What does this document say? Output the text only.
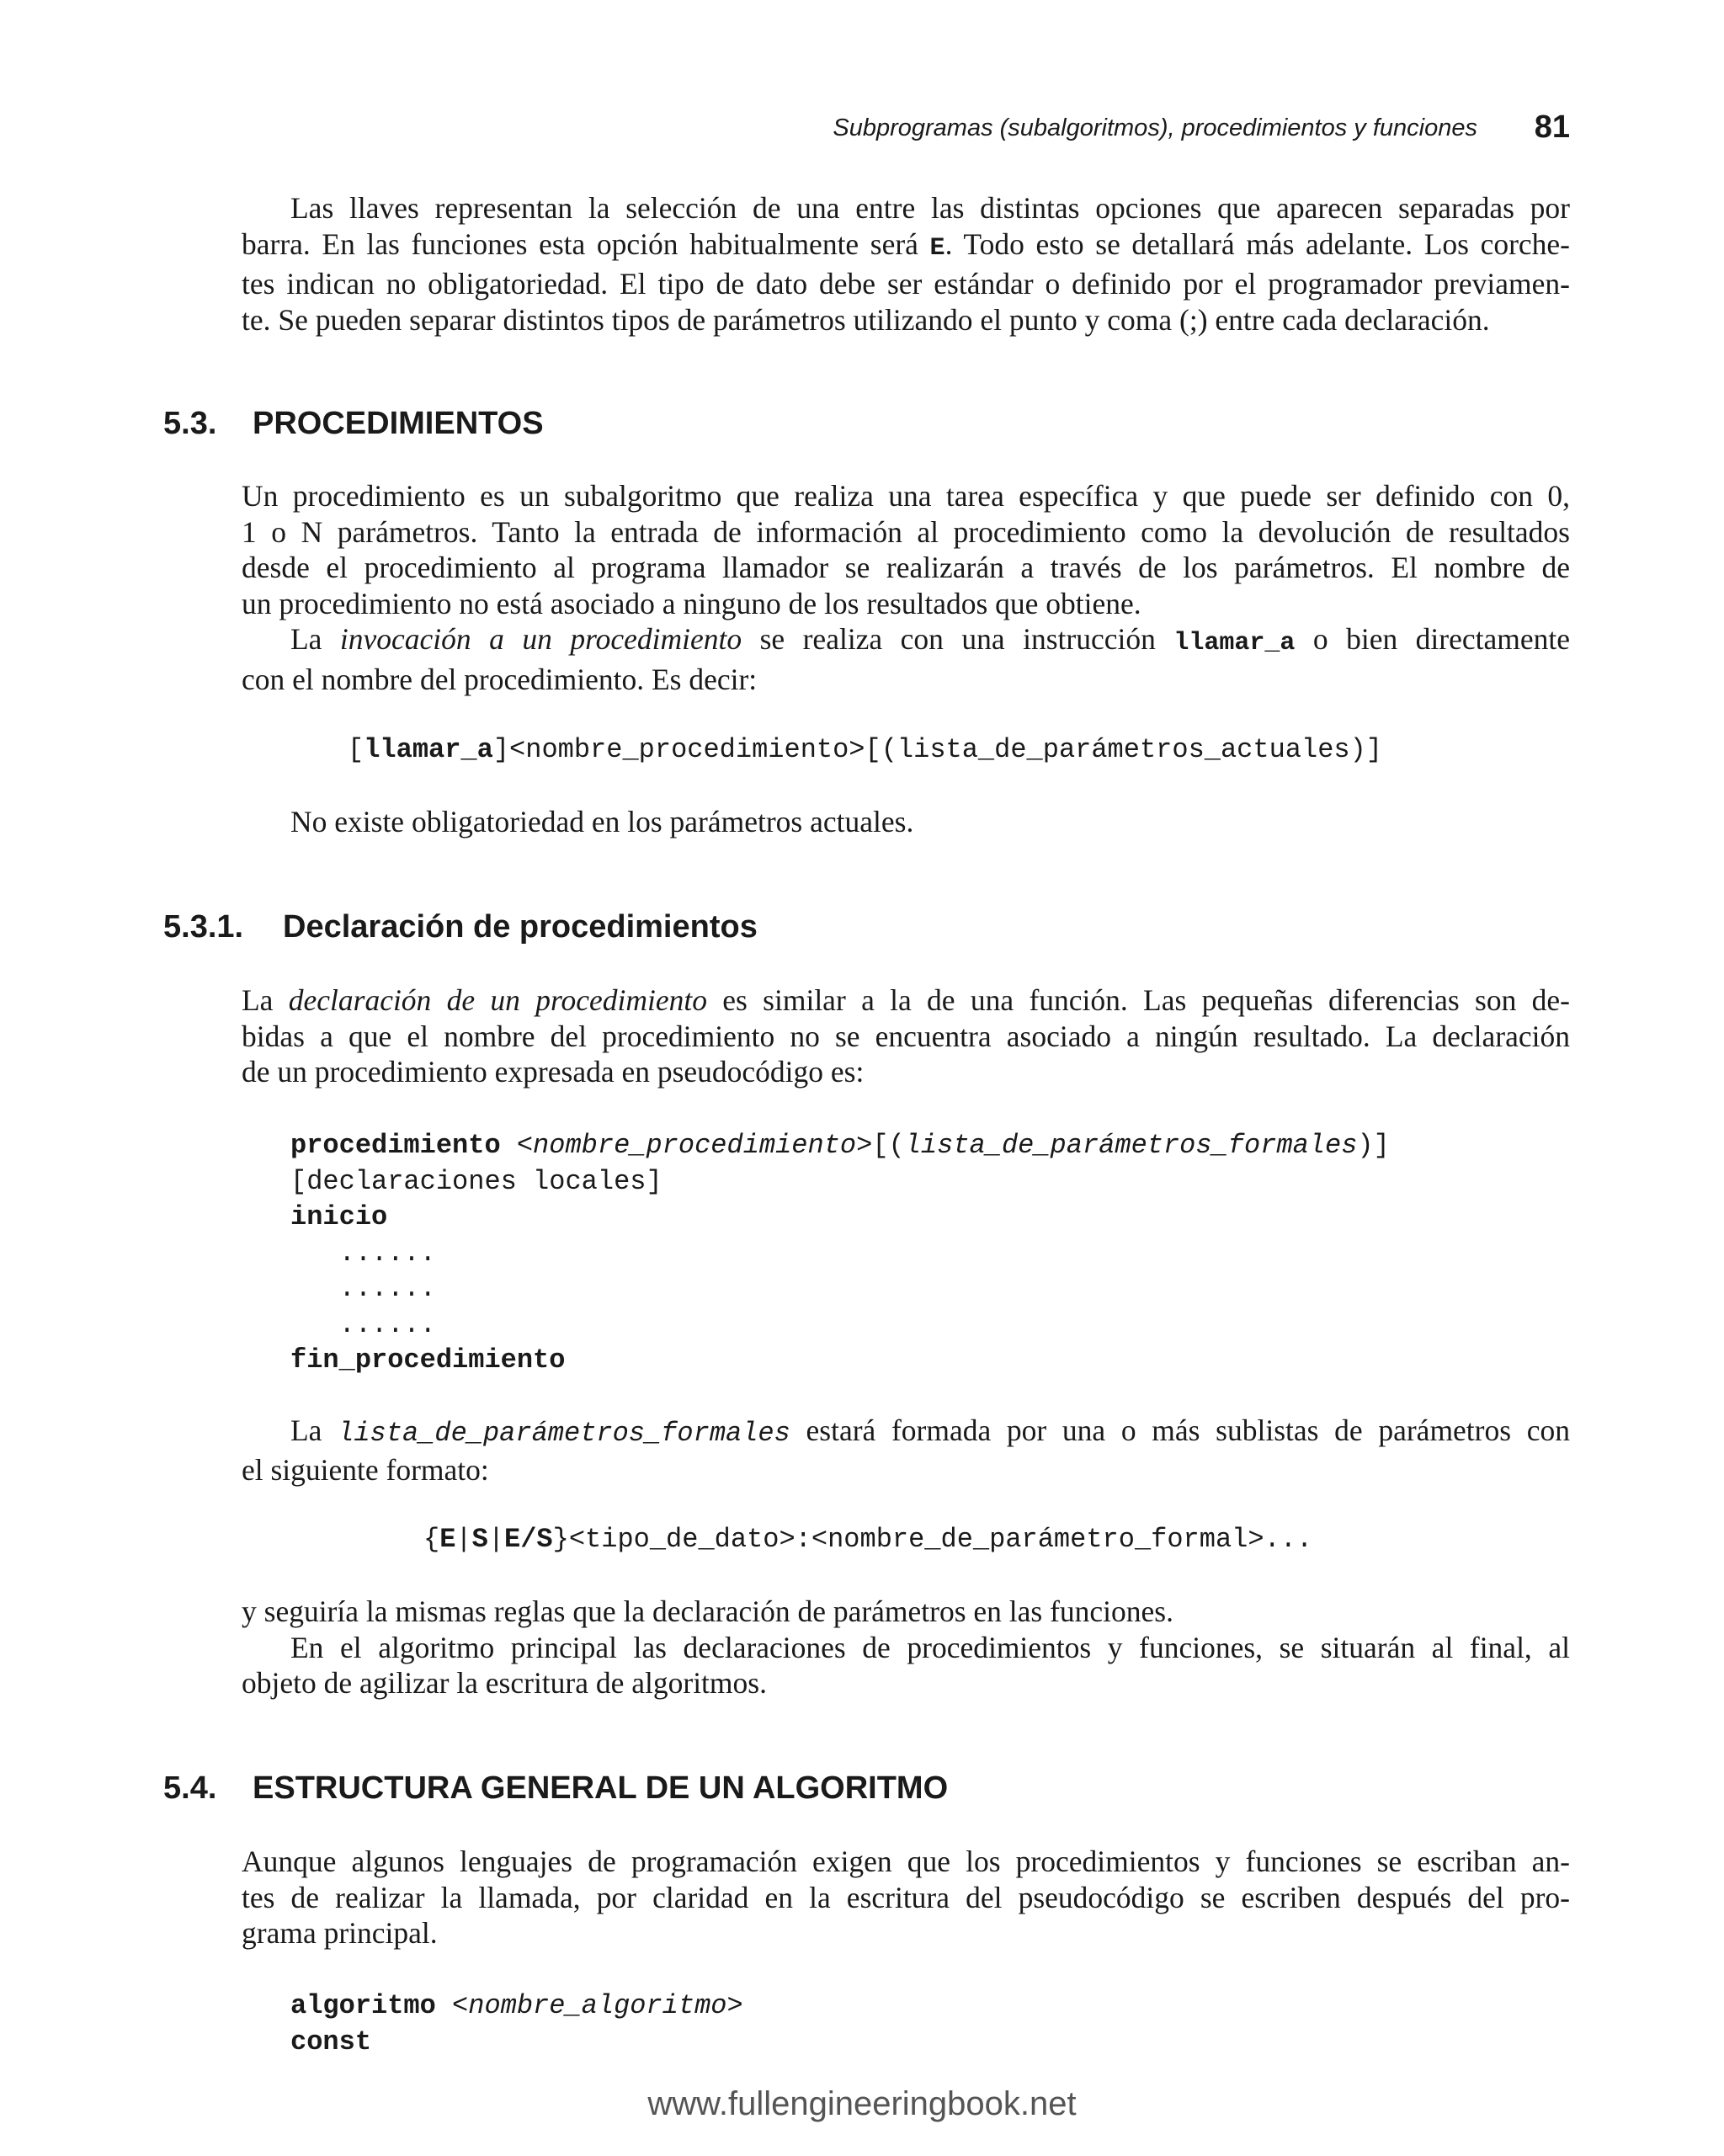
Subprogramas (subalgoritmos), procedimientos y funciones 81
Las llaves representan la selección de una entre las distintas opciones que aparecen separadas por
barra. En las funciones esta opción habitualmente será E. Todo esto se detallará más adelante. Los corche-
tes indican no obligatoriedad. El tipo de dato debe ser estándar o definido por el programador previamen-
te. Se pueden separar distintos tipos de parámetros utilizando el punto y coma (;) entre cada declaración.
5.3. PROCEDIMIENTOS
Un procedimiento es un subalgoritmo que realiza una tarea específica y que puede ser definido con 0,
1 o N parámetros. Tanto la entrada de información al procedimiento como la devolución de resultados
desde el procedimiento al programa llamador se realizarán a través de los parámetros. El nombre de
un procedimiento no está asociado a ninguno de los resultados que obtiene.
La invocación a un procedimiento se realiza con una instrucción llamar_a o bien directamente
con el nombre del procedimiento. Es decir:
[llamar_a]<nombre_procedimiento>[(lista_de_parámetros_actuales)]
No existe obligatoriedad en los parámetros actuales.
5.3.1. Declaración de procedimientos
La declaración de un procedimiento es similar a la de una función. Las pequeñas diferencias son de-
bidas a que el nombre del procedimiento no se encuentra asociado a ningún resultado. La declaración
de un procedimiento expresada en pseudocódigo es:
procedimiento <nombre_procedimiento>[(lista_de_parámetros_formales)]
[declaraciones locales]
inicio
......
......
......
fin_procedimiento
La lista_de_parámetros_formales estará formada por una o más sublistas de parámetros con
el siguiente formato:
{E|S|E/S}<tipo_de_dato>:<nombre_de_parámetro_formal>...
y seguiría la mismas reglas que la declaración de parámetros en las funciones.
En el algoritmo principal las declaraciones de procedimientos y funciones, se situarán al final, al
objeto de agilizar la escritura de algoritmos.
5.4. ESTRUCTURA GENERAL DE UN ALGORITMO
Aunque algunos lenguajes de programación exigen que los procedimientos y funciones se escriban an-
tes de realizar la llamada, por claridad en la escritura del pseudocódigo se escriben después del pro-
grama principal.
algoritmo <nombre_algoritmo>
const
www.fullengineeringbook.net
